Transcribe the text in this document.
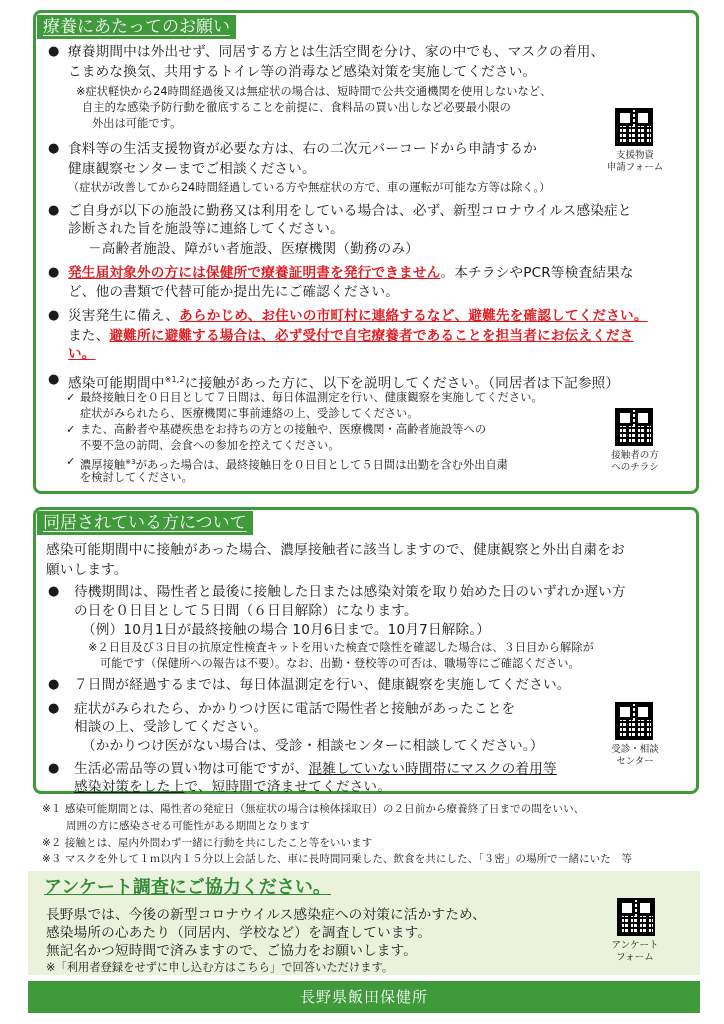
療養にあたってのお願い
● 療養期間中は外出せず、同居する方とは生活空間を分け、家の中でも、マスクの着用、
こまめな換気、共用するトイレ等の消毒など感染対策を実施してください。
※症状軽快から24時間経過後又は無症状の場合は、短時間で公共交通機関を使用しないなど、
自主的な感染予防行動を徹底することを前提に、食料品の買い出しなど必要最小限の
外出は可能です。
● 食料等の生活支援物資が必要な方は、右の二次元バーコードから申請するか
健康観察センターまでご相談ください。
（症状が改善してから24時間経過している方や無症状の方で、車の運転が可能な方等は除く。）
支援物資
申請フォーム
● ご自身が以下の施設に勤務又は利用をしている場合は、必ず、新型コロナウイルス感染症と
診断された旨を施設等に連絡してください。
－高齢者施設、障がい者施設、医療機関（勤務のみ）
● 発生届対象外の方には保健所で療養証明書を発行できません。本チラシやPCR等検査結果な
ど、他の書類で代替可能か提出先にご確認ください。
● 災害発生に備え、あらかじめ、お住いの市町村に連絡するなど、避難先を確認してください。
また、避難所に避難する場合は、必ず受付で自宅療養者であることを担当者にお伝えくださ
い。
● 感染可能期間中$^{※1,2}$に接触があった方に、以下を説明してください。（同居者は下記参照）
✓ 最終接触日を０日目として７日間は、毎日体温測定を行い、健康観察を実施してください。
症状がみられたら、医療機関に事前連絡の上、受診してください。
✓ また、高齢者や基礎疾患をお持ちの方との接触や、医療機関・高齢者施設等への
不要不急の訪問、会食への参加を控えてください。
✓ 濃厚接触$^{※3}$があった場合は、最終接触日を０日目として５日間は出勤を含む外出自粛
を検討してください。
接触者の方
へのチラシ
同居されている方について
感染可能期間中に接触があった場合、濃厚接触者に該当しますので、健康観察と外出自粛をお
願いします。
● 待機期間は、陽性者と最後に接触した日または感染対策を取り始めた日のいずれか遅い方
の日を０日目として５日間（６日目解除）になります。
（例）10月1日が最終接触の場合 10月6日まで。10月7日解除。）
※２日目及び３日目の抗原定性検査キットを用いた検査で陰性を確認した場合は、３日目から解除が
可能です（保健所への報告は不要）。なお、出勤・登校等の可否は、職場等にご確認ください。
● ７日間が経過するまでは、毎日体温測定を行い、健康観察を実施してください。
● 症状がみられたら、かかりつけ医に電話で陽性者と接触があったことを
相談の上、受診してください。
（かかりつけ医がない場合は、受診・相談センターに相談してください。）	受診・相談
センター
● 生活必需品等の買い物は可能ですが、混雑していない時間帯にマスクの着用等
感染対策をした上で、短時間で済ませてください。
※１ 感染可能期間とは、陽性者の発症日（無症状の場合は検体採取日）の２日前から療養終了日までの間をいい、
周囲の方に感染させる可能性がある期間となります
※２ 接触とは、屋内外問わず一緒に行動を共にしたこと等をいいます
※３ マスクを外して１ｍ以内１５分以上会話した、車に長時間同乗した、飲食を共にした、「３密」の場所で一緒にいた　等
アンケート調査にご協力ください。
長野県では、今後の新型コロナウイルス感染症への対策に活かすため、
感染場所の心あたり（同居内、学校など）を調査しています。
無記名かつ短時間で済みますので、ご協力をお願いします。
※「利用者登録をせずに申し込む方はこちら」で回答いただけます。
アンケート
フォーム
長野県飯田保健所
